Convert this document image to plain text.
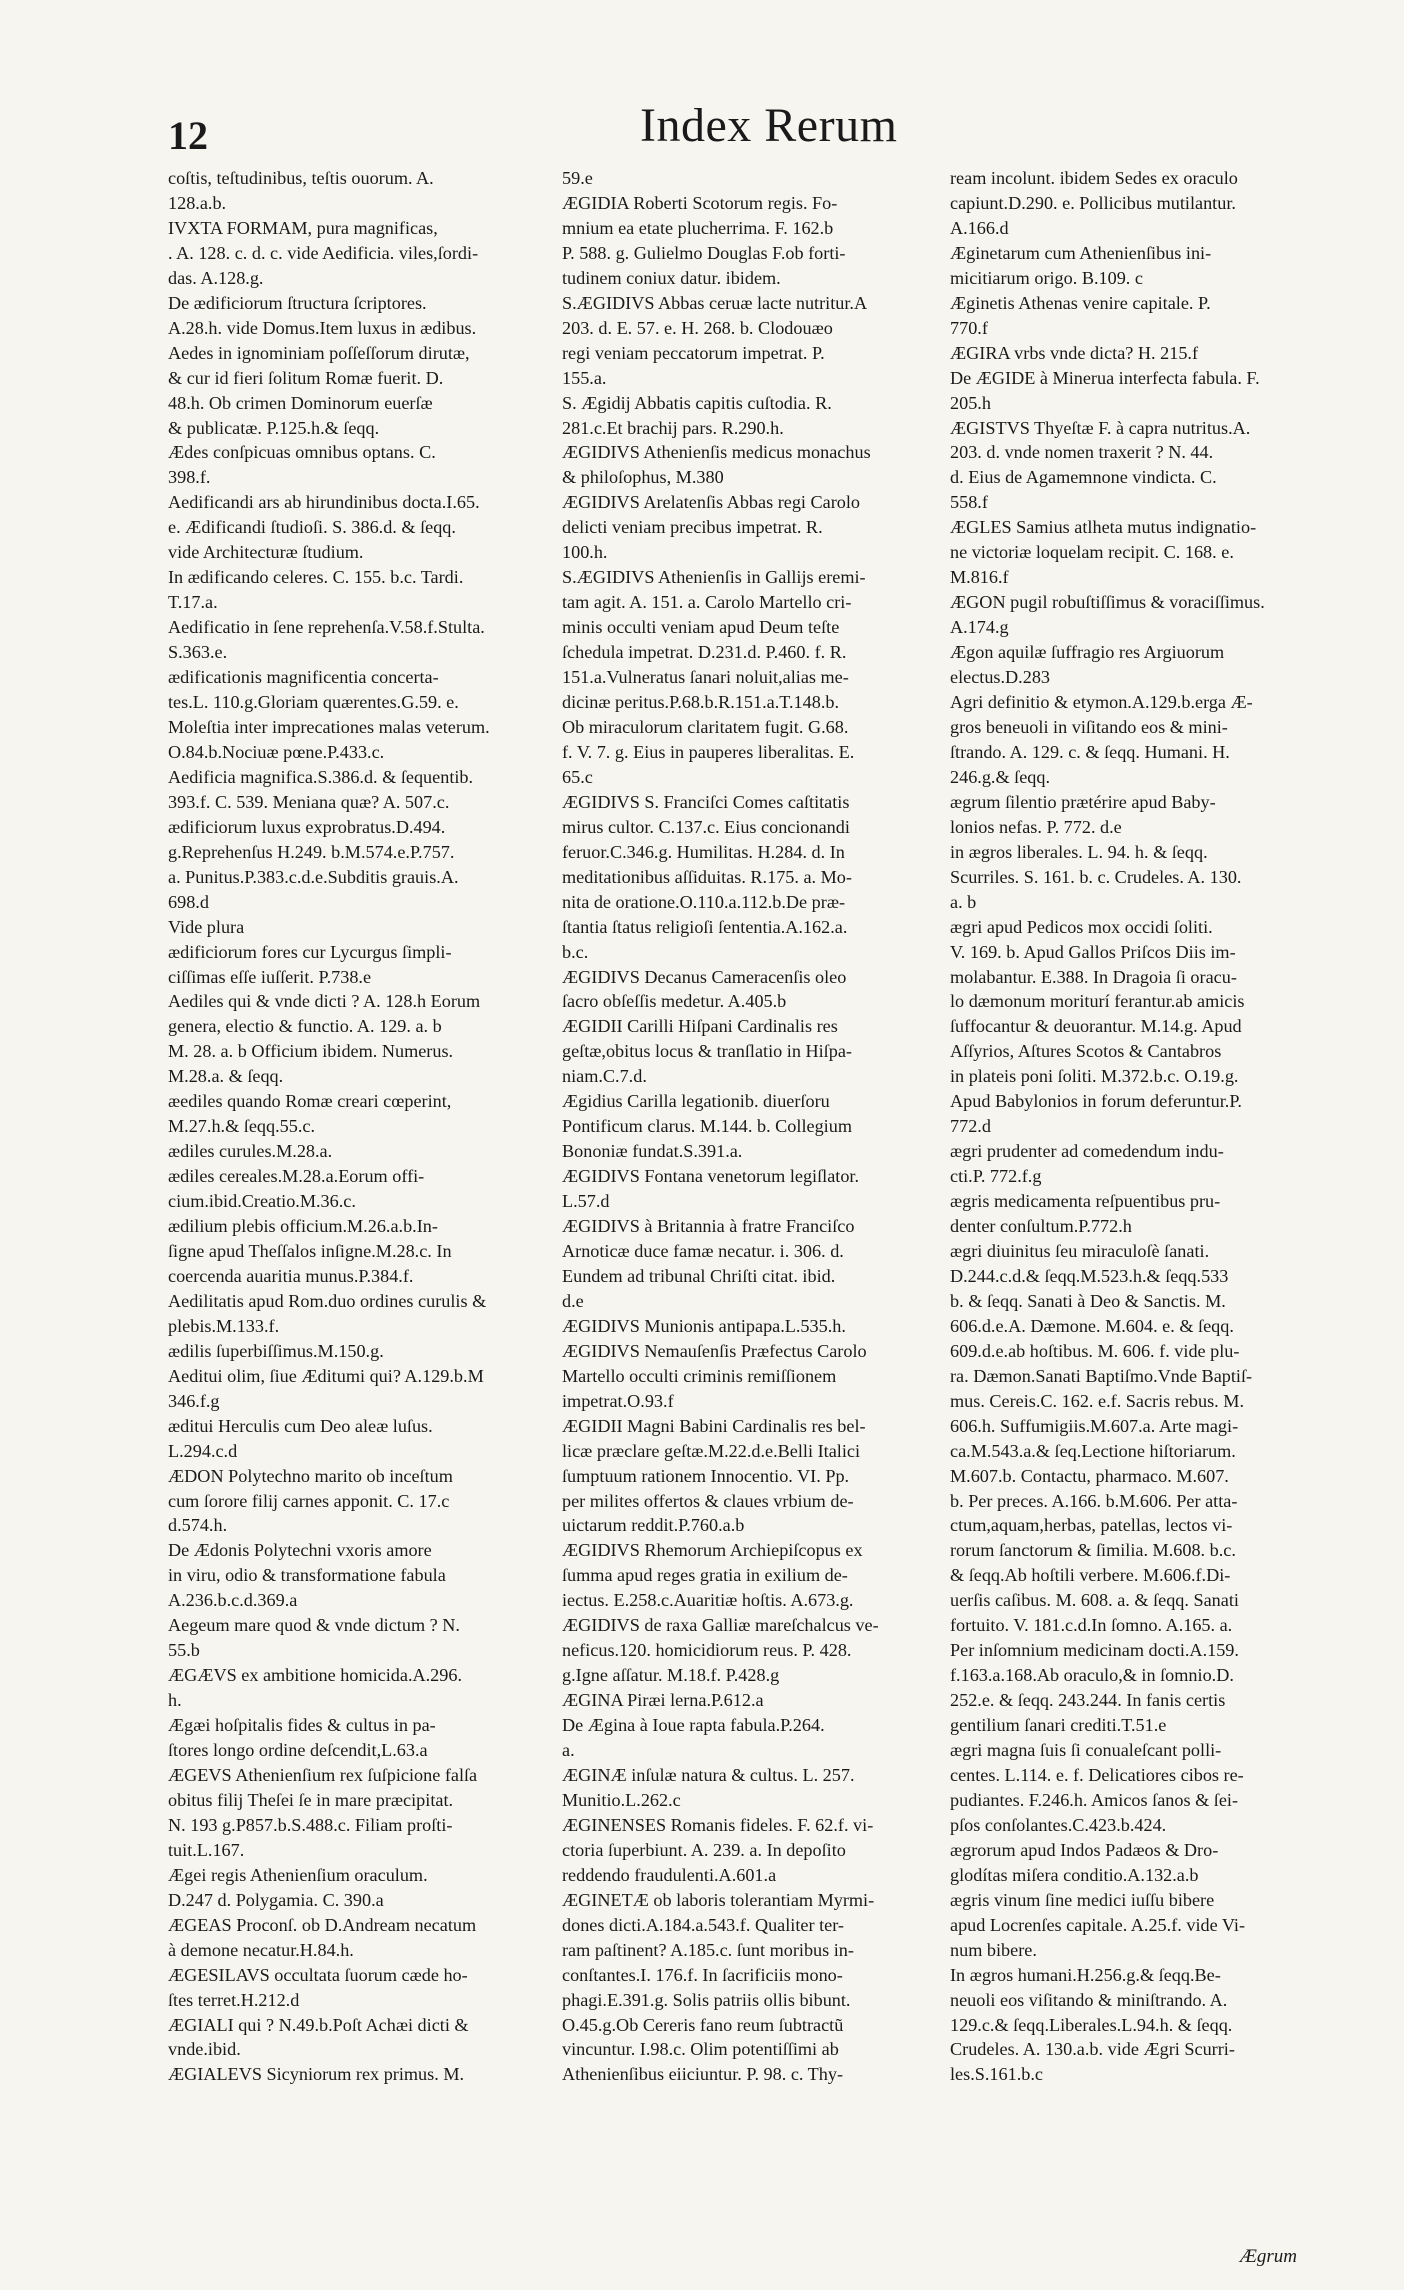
12	Index Rerum

coſtis, teſtudinibus, teſtis ouorum. A.

128.a.b.

IVXTA FORMAM, pura magnificas,

. A. 128. c. d. c. vide Aedificia. viles,ſordi-

das. A.128.g.

De ædificiorum ſtructura ſcriptores.

A.28.h. vide Domus.Item luxus in ædibus.

Aedes in ignominiam poſſeſſorum dirutæ,

& cur id fieri ſolitum Romæ fuerit. D.

48.h. Ob crimen Dominorum euerſæ

& publicatæ. P.125.h.& ſeqq.

Ædes conſpicuas omnibus optans. C.

398.f.

Aedificandi ars ab hirundinibus docta.I.65.

e. Ædificandi ſtudioſi. S. 386.d. & ſeqq.

vide Architecturæ ſtudium.

In ædificando celeres. C. 155. b.c. Tardi.

T.17.a.

Aedificatio in ſene reprehenſa.V.58.f.Stulta.

S.363.e.

ædificationis magnificentia concerta-

tes.L. 110.g.Gloriam quærentes.G.59. e.

Moleſtia inter imprecationes malas veterum.

O.84.b.Nociuæ pœne.P.433.c.

Aedificia magnifica.S.386.d. & ſequentib.

393.f. C. 539. Meniana quæ? A. 507.c.

ædificiorum luxus exprobratus.D.494.

g.Reprehenſus H.249. b.M.574.e.P.757.

a. Punitus.P.383.c.d.e.Subditis grauis.A.

698.d

Vide plura

ædificiorum fores cur Lycurgus ſimpli-

ciſſimas eſſe iuſſerit. P.738.e

Aediles qui & vnde dicti ? A. 128.h Eorum

genera, electio & functio. A. 129. a. b

M. 28. a. b Officium ibidem. Numerus.

M.28.a. & ſeqq.

æediles quando Romæ creari cœperint,

M.27.h.& ſeqq.55.c.

ædiles curules.M.28.a.

ædiles cereales.M.28.a.Eorum offi-

cium.ibid.Creatio.M.36.c.

ædilium plebis officium.M.26.a.b.In-

ſigne apud Theſſalos inſigne.M.28.c. In

coercenda auaritia munus.P.384.f.

Aedilitatis apud Rom.duo ordines curulis &

plebis.M.133.f.

ædilis ſuperbiſſimus.M.150.g.

Aeditui olim, ſiue Æditumi qui? A.129.b.M

346.f.g

æditui Herculis cum Deo aleæ luſus.

L.294.c.d

ÆDON Polytechno marito ob inceſtum

cum ſorore filij carnes apponit. C. 17.c

d.574.h.

De Ædonis Polytechni vxoris amore

in viru, odio & transformatione fabula

A.236.b.c.d.369.a

Aegeum mare quod & vnde dictum ? N.

55.b

ÆGÆVS ex ambitione homicida.A.296.

h.

Ægæi hoſpitalis fides & cultus in pa-

ſtores longo ordine deſcendit,L.63.a

ÆGEVS Athenienſium rex ſuſpicione falſa

obitus filij Theſei ſe in mare præcipitat.

N. 193 g.P857.b.S.488.c. Filiam proſti-

tuit.L.167.

Ægei regis Athenienſium oraculum.

D.247 d. Polygamia. C. 390.a

ÆGEAS Proconſ. ob D.Andream necatum

à demone necatur.H.84.h.

ÆGESILAVS occultata ſuorum cæde ho-

ſtes terret.H.212.d

ÆGIALI qui ? N.49.b.Poſt Achæi dicti &

vnde.ibid.

ÆGIALEVS Sicyniorum rex primus. M.

59.e

ÆGIDIA Roberti Scotorum regis. Fo-

mnium ea etate plucherrima. F. 162.b

P. 588. g. Gulielmo Douglas F.ob forti-

tudinem coniux datur. ibidem.

S.ÆGIDIVS Abbas ceruæ lacte nutritur.A

203. d. E. 57. e. H. 268. b. Clodouæo

regi veniam peccatorum impetrat. P.

155.a.

S. Ægidij Abbatis capitis cuſtodia. R.

281.c.Et brachij pars. R.290.h.

ÆGIDIVS Athenienſis medicus monachus

& philoſophus, M.380

ÆGIDIVS Arelatenſis Abbas regi Carolo

delicti veniam precibus impetrat. R.

100.h.

S.ÆGIDIVS Athenienſis in Gallijs eremi-

tam agit. A. 151. a. Carolo Martello cri-

minis occulti veniam apud Deum teſte

ſchedula impetrat. D.231.d. P.460. f. R.

151.a.Vulneratus ſanari noluit,alias me-

dicinæ peritus.P.68.b.R.151.a.T.148.b.

Ob miraculorum claritatem fugit. G.68.

f. V. 7. g. Eius in pauperes liberalitas. E.

65.c

ÆGIDIVS S. Franciſci Comes caſtitatis

mirus cultor. C.137.c. Eius concionandi

feruor.C.346.g. Humilitas. H.284. d. In

meditationibus aſſiduitas. R.175. a. Mo-

nita de oratione.O.110.a.112.b.De præ-

ſtantia ſtatus religioſi ſententia.A.162.a.

b.c.

ÆGIDIVS Decanus Cameracenſis oleo

ſacro obſeſſis medetur. A.405.b

ÆGIDII Carilli Hiſpani Cardinalis res

geſtæ,obitus locus & tranſlatio in Hiſpa-

niam.C.7.d.

Ægidius Carilla legationib. diuerſoru

Pontificum clarus. M.144. b. Collegium

Bononiæ fundat.S.391.a.

ÆGIDIVS Fontana venetorum legiſlator.

L.57.d

ÆGIDIVS à Britannia à fratre Franciſco

Arnoticæ duce famæ necatur. i. 306. d.

Eundem ad tribunal Chriſti citat. ibid.

d.e

ÆGIDIVS Munionis antipapa.L.535.h.

ÆGIDIVS Nemauſenſis Præfectus Carolo

Martello occulti criminis remiſſionem

impetrat.O.93.f

ÆGIDII Magni Babini Cardinalis res bel-

licæ præclare geſtæ.M.22.d.e.Belli Italici

ſumptuum rationem Innocentio. VI. Pp.

per milites offertos & claues vrbium de-

uictarum reddit.P.760.a.b

ÆGIDIVS Rhemorum Archiepiſcopus ex

ſumma apud reges gratia in exilium de-

iectus. E.258.c.Auaritiæ hoſtis. A.673.g.

ÆGIDIVS de raxa Galliæ mareſchalcus ve-

neficus.120. homicidiorum reus. P. 428.

g.Igne aſſatur. M.18.f. P.428.g

ÆGINA Piræi lerna.P.612.a

De Ægina à Ioue rapta fabula.P.264.

a.

ÆGINÆ inſulæ natura & cultus. L. 257.

Munitio.L.262.c

ÆGINENSES Romanis fideles. F. 62.f. vi-

ctoria ſuperbiunt. A. 239. a. In depoſito

reddendo fraudulenti.A.601.a

ÆGINETÆ ob laboris tolerantiam Myrmi-

dones dicti.A.184.a.543.f. Qualiter ter-

ram paſtinent? A.185.c. ſunt moribus in-

conſtantes.I. 176.f. In ſacrificiis mono-

phagi.E.391.g. Solis patriis ollis bibunt.

O.45.g.Ob Cereris fano reum ſubtractũ

vincuntur. I.98.c. Olim potentiſſimi ab

Athenienſibus eiiciuntur. P. 98. c. Thy-

ream incolunt. ibidem Sedes ex oraculo

capiunt.D.290. e. Pollicibus mutilantur.

A.166.d

Æginetarum cum Athenienſibus ini-

micitiarum origo. B.109. c

Æginetis Athenas venire capitale. P.

770.f

ÆGIRA vrbs vnde dicta? H. 215.f

De ÆGIDE à Minerua interfecta fabula. F.

205.h

ÆGISTVS Thyeſtæ F. à capra nutritus.A.

203. d. vnde nomen traxerit ? N. 44.

d. Eius de Agamemnone vindicta. C.

558.f

ÆGLES Samius atlheta mutus indignatio-

ne victoriæ loquelam recipit. C. 168. e.

M.816.f

ÆGON pugil robuſtiſſimus & voraciſſimus.

A.174.g

Ægon aquilæ ſuffragio res Argiuorum

electus.D.283

Agri definitio & etymon.A.129.b.erga Æ-

gros beneuoli in viſitando eos & mini-

ſtrando. A. 129. c. & ſeqq. Humani. H.

246.g.& ſeqq.

ægrum ſilentio prætérire apud Baby-

lonios nefas. P. 772. d.e

in ægros liberales. L. 94. h. & ſeqq.

Scurriles. S. 161. b. c. Crudeles. A. 130.

a. b

ægri apud Pedicos mox occidi ſoliti.

V. 169. b. Apud Gallos Priſcos Diis im-

molabantur. E.388. In Dragoia ſi oracu-

lo dæmonum moriturí ferantur.ab amicis

ſuffocantur & deuorantur. M.14.g. Apud

Aſſyrios, Aſtures Scotos & Cantabros

in plateis poni ſoliti. M.372.b.c. O.19.g.

Apud Babylonios in forum deferuntur.P.

772.d

ægri prudenter ad comedendum indu-

cti.P. 772.f.g

ægris medicamenta reſpuentibus pru-

denter conſultum.P.772.h

ægri diuinitus ſeu miraculoſè ſanati.

D.244.c.d.& ſeqq.M.523.h.& ſeqq.533

b. & ſeqq. Sanati à Deo & Sanctis. M.

606.d.e.A. Dæmone. M.604. e. & ſeqq.

609.d.e.ab hoſtibus. M. 606. f. vide plu-

ra. Dæmon.Sanati Baptiſmo.Vnde Baptiſ-

mus. Cereis.C. 162. e.f. Sacris rebus. M.

606.h. Suffumigiis.M.607.a. Arte magi-

ca.M.543.a.& ſeq.Lectione hiſtoriarum.

M.607.b. Contactu, pharmaco. M.607.

b. Per preces. A.166. b.M.606. Per atta-

ctum,aquam,herbas, patellas, lectos vi-

rorum ſanctorum & ſimilia. M.608. b.c.

& ſeqq.Ab hoſtili verbere. M.606.f.Di-

uerſis caſibus. M. 608. a. & ſeqq. Sanati

fortuito. V. 181.c.d.In ſomno. A.165. a.

Per inſomnium medicinam docti.A.159.

f.163.a.168.Ab oraculo,& in ſomnio.D.

252.e. & ſeqq. 243.244. In fanis certis

gentilium ſanari crediti.T.51.e

ægri magna ſuis ſi conualeſcant polli-

centes. L.114. e. f. Delicatiores cibos re-

pudiantes. F.246.h. Amicos ſanos & ſei-

pſos conſolantes.C.423.b.424.

ægrorum apud Indos Padæos & Dro-

glodítas miſera conditio.A.132.a.b

ægris vinum ſine medici iuſſu bibere

apud Locrenſes capitale. A.25.f. vide Vi-

num bibere.

In ægros humani.H.256.g.& ſeqq.Be-

neuoli eos viſitando & miniſtrando. A.

129.c.& ſeqq.Liberales.L.94.h. & ſeqq.

Crudeles. A. 130.a.b. vide Ægri Scurri-

les.S.161.b.c

Ægrum
